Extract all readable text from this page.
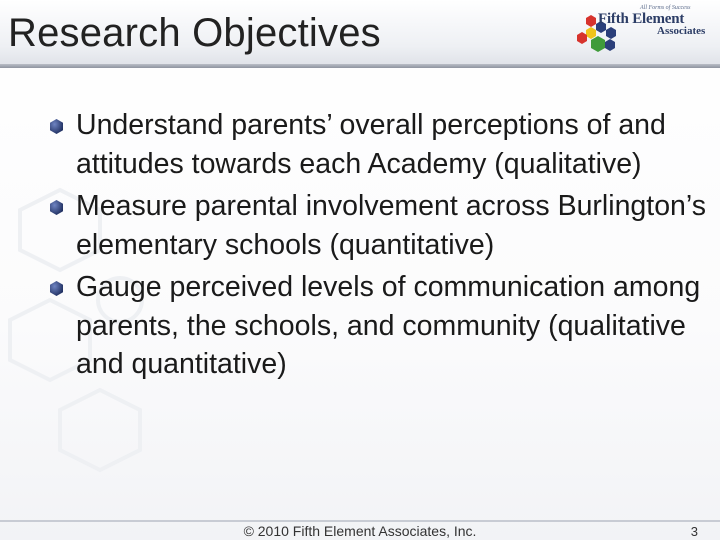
Research Objectives
All Forms of Success
Fifth Element
Associates
Understand parents’ overall perceptions of and attitudes towards each Academy (qualitative)
Measure parental involvement across Burlington’s elementary schools (quantitative)
Gauge perceived levels of communication among parents, the schools, and community (qualitative and quantitative)
© 2010 Fifth Element Associates, Inc.	3
